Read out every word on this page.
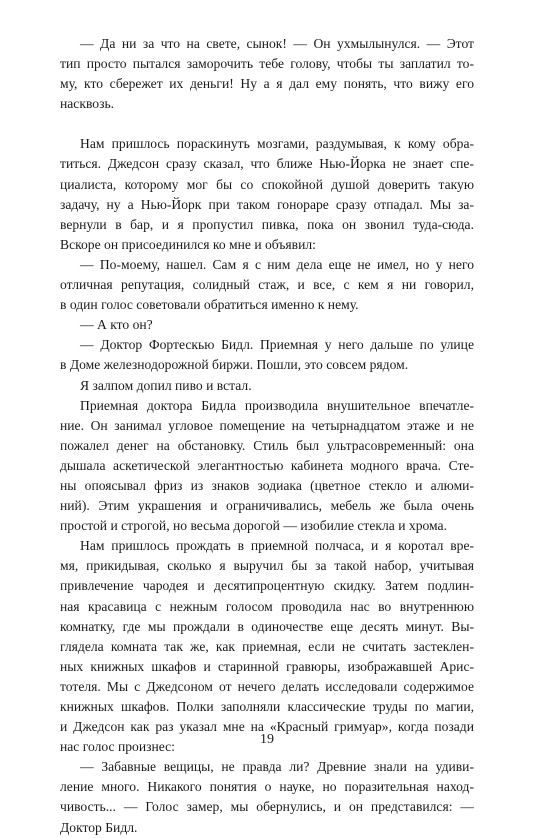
— Да ни за что на свете, сынок! — Он ухмылынулся. — Этот
тип просто пытался заморочить тебе голову, чтобы ты заплатил то-
му, кто сбережет их деньги! Ну а я дал ему понять, что вижу его
насквозь.
Нам пришлось пораскинуть мозгами, раздумывая, к кому обра-
титься. Джедсон сразу сказал, что ближе Нью-Йорка не знает спе-
циалиста, которому мог бы со спокойной душой доверить такую
задачу, ну а Нью-Йорк при таком гонораре сразу отпадал. Мы за-
вернули в бар, и я пропустил пивка, пока он звонил туда-сюда.
Вскоре он присоединился ко мне и объявил:
— По-моему, нашел. Сам я с ним дела еще не имел, но у него
отличная репутация, солидный стаж, и все, с кем я ни говорил,
в один голос советовали обратиться именно к нему.
— А кто он?
— Доктор Фортескью Бидл. Приемная у него дальше по улице
в Доме железнодорожной биржи. Пошли, это совсем рядом.
Я залпом допил пиво и встал.
Приемная доктора Бидла производила внушительное впечатле-
ние. Он занимал угловое помещение на четырнадцатом этаже и не
пожалел денег на обстановку. Стиль был ультрасовременный: она
дышала аскетической элегантностью кабинета модного врача. Сте-
ны опоясывал фриз из знаков зодиака (цветное стекло и алюми-
ний). Этим украшения и ограничивались, мебель же была очень
простой и строгой, но весьма дорогой — изобилие стекла и хрома.
Нам пришлось прождать в приемной полчаса, и я коротал вре-
мя, прикидывая, сколько я выручил бы за такой набор, учитывая
привлечение чародея и десятипроцентную скидку. Затем подлин-
ная красавица с нежным голосом проводила нас во внутреннюю
комнатку, где мы прождали в одиночестве еще десять минут. Вы-
глядела комната так же, как приемная, если не считать застеклен-
ных книжных шкафов и старинной гравюры, изображавшей Арис-
тотеля. Мы с Джедсоном от нечего делать исследовали содержимое
книжных шкафов. Полки заполняли классические труды по магии,
и Джедсон как раз указал мне на «Красный гримуар», когда позади
нас голос произнес:
— Забавные вещицы, не правда ли? Древние знали на удиви-
ление много. Никакого понятия о науке, но поразительная наход-
чивость... — Голос замер, мы обернулись, и он представился: —
Доктор Бидл.
19
